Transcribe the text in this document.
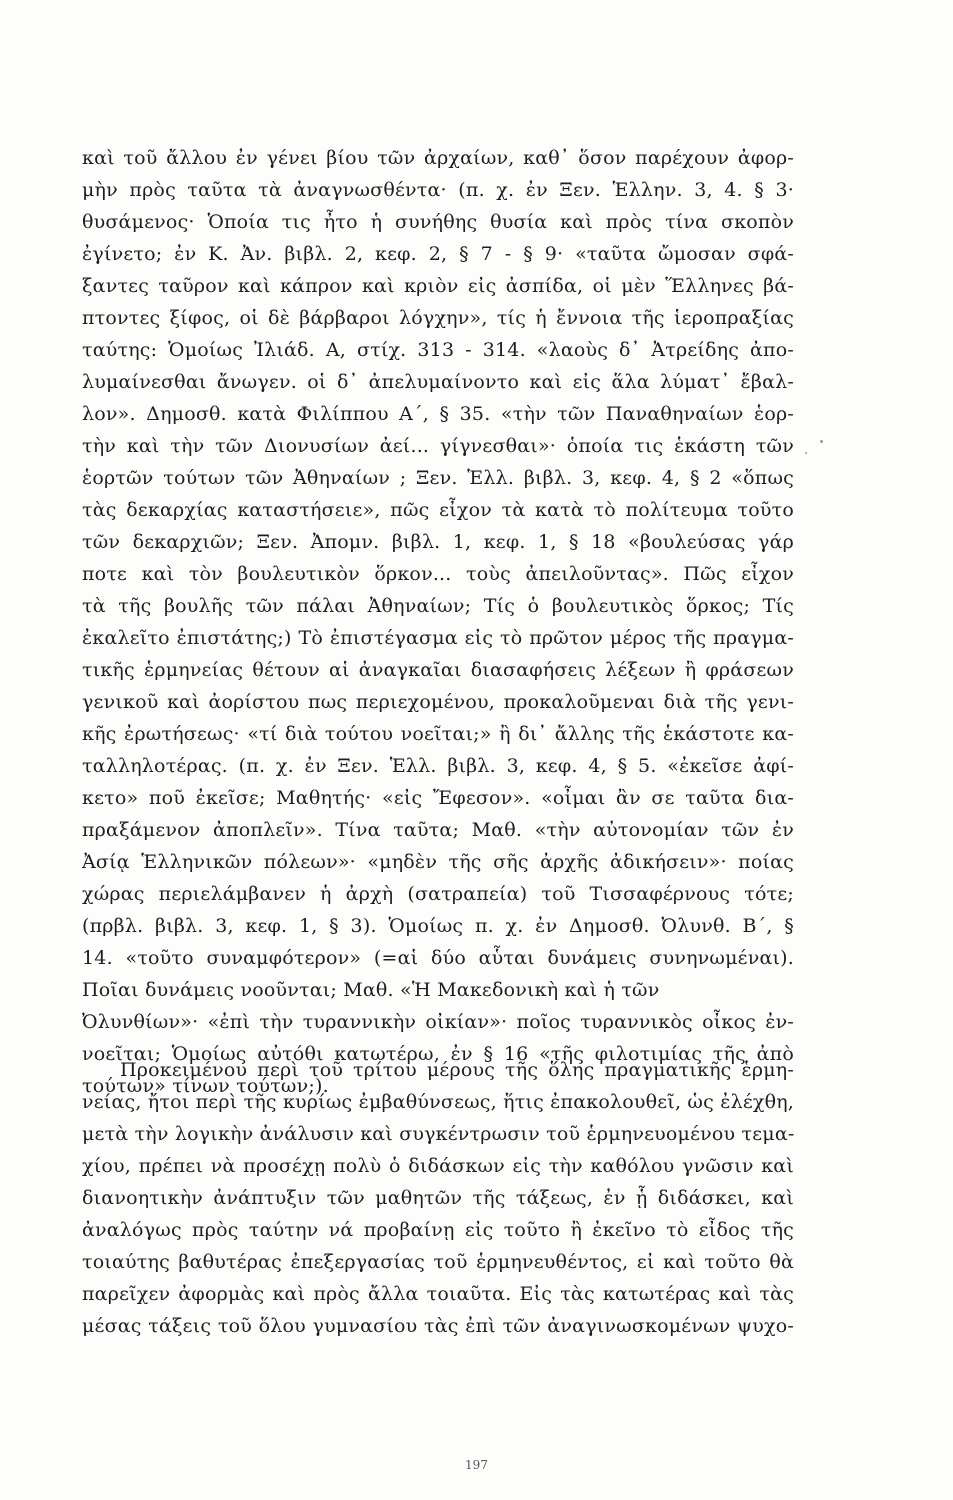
καὶ τοῦ ἄλλου ἐν γένει βίου τῶν ἀρχαίων, καθ᾽ ὅσον παρέχουν ἀφορ-
μὴν πρὸς ταῦτα τὰ ἀναγνωσθέντα· (π. χ. ἐν Ξεν. Ἑλλην. 3, 4. § 3·
θυσάμενος· Ὁποία τις ἦτο ἡ συνήθης θυσία καὶ πρὸς τίνα σκοπὸν
ἐγίνετο; ἐν Κ. Ἀν. βιβλ. 2, κεφ. 2, § 7 - § 9· «ταῦτα ὤμοσαν σφά-
ξαντες ταῦρον καὶ κάπρον καὶ κριὸν εἰς ἀσπίδα, οἱ μὲν Ἕλληνες βά-
πτοντες ξίφος, οἱ δὲ βάρβαροι λόγχην», τίς ἡ ἔννοια τῆς ἱεροπραξίας
ταύτης: Ὁμοίως Ἰλιάδ. Α, στίχ. 313 - 314. «λαοὺς δ᾽ Ἀτρείδης ἀπο-
λυμαίνεσθαι ἄνωγεν. οἱ δ᾽ ἀπελυμαίνοντο καὶ εἰς ἅλα λύματ᾽ ἔβαλ-
λον». Δημοσθ. κατὰ Φιλίππου Α΄, § 35. «τὴν τῶν Παναθηναίων ἑορ-
τὴν καὶ τὴν τῶν Διονυσίων ἀεί... γίγνεσθαι»· ὁποία τις ἑκάστη τῶν
ἑορτῶν τούτων τῶν Ἀθηναίων ; Ξεν. Ἑλλ. βιβλ. 3, κεφ. 4, § 2 «ὅπως
τὰς δεκαρχίας καταστήσειε», πῶς εἶχον τὰ κατὰ τὸ πολίτευμα τοῦτο
τῶν δεκαρχιῶν; Ξεν. Ἀπομν. βιβλ. 1, κεφ. 1, § 18 «βουλεύσας γάρ
ποτε καὶ τὸν βουλευτικὸν ὅρκον... τοὺς ἀπειλοῦντας». Πῶς εἶχον
τὰ τῆς βουλῆς τῶν πάλαι Ἀθηναίων; Τίς ὁ βουλευτικὸς ὅρκος; Τίς
ἐκαλεῖτο ἐπιστάτης;) Τὸ ἐπιστέγασμα εἰς τὸ πρῶτον μέρος τῆς πραγμα-
τικῆς ἑρμηνείας θέτουν αἱ ἀναγκαῖαι διασαφήσεις λέξεων ἢ φράσεων
γενικοῦ καὶ ἀορίστου πως περιεχομένου, προκαλοῦμεναι διὰ τῆς γενι-
κῆς ἐρωτήσεως· «τί διὰ τούτου νοεῖται;» ἢ δι᾽ ἄλλης τῆς ἑκάστοτε κα-
ταλληλοτέρας. (π. χ. ἐν Ξεν. Ἑλλ. βιβλ. 3, κεφ. 4, § 5. «ἐκεῖσε ἀφί-
κετο» ποῦ ἐκεῖσε; Μαθητής· «εἰς Ἔφεσον». «οἶμαι ἂν σε ταῦτα δια-
πραξάμενον ἀποπλεῖν». Τίνα ταῦτα; Μαθ. «τὴν αὐτονομίαν τῶν ἐν
Ἀσίᾳ Ἑλληνικῶν πόλεων»· «μηδὲν τῆς σῆς ἀρχῆς ἀδικήσειν»· ποίας
χώρας περιελάμβανεν ἡ ἀρχὴ (σατραπεία) τοῦ Τισσαφέρνους τότε;
(πρβλ. βιβλ. 3, κεφ. 1, § 3). Ὁμοίως π. χ. ἐν Δημοσθ. Ὀλυνθ. Β΄, §
14. «τοῦτο συναμφότερον» (=αἱ δύο αὗται δυνάμεις συνηνωμέναι).
Ποῖαι δυνάμεις νοοῦνται; Μαθ. «Ἡ Μακεδονικὴ καὶ ἡ τῶν
Ὀλυνθίων»· «ἐπὶ τὴν τυραννικὴν οἰκίαν»· ποῖος τυραννικὸς οἶκος ἐν-
νοεῖται; Ὁμοίως αὐτόθι κατωτέρω, ἐν § 16 «τῆς φιλοτιμίας τῆς ἀπὸ
τούτων» τίνων τούτων;).
Προκειμένου περὶ τοῦ τρίτου μέρους τῆς ὅλης πραγματικῆς ἑρμη-
νείας, ἤτοι περὶ τῆς κυρίως ἐμβαθύνσεως, ἥτις ἐπακολουθεῖ, ὡς ἐλέχθη,
μετὰ τὴν λογικὴν ἀνάλυσιν καὶ συγκέντρωσιν τοῦ ἑρμηνευομένου τεμα-
χίου, πρέπει νὰ προσέχῃ πολὺ ὁ διδάσκων εἰς τὴν καθόλου γνῶσιν καὶ
διανοητικὴν ἀνάπτυξιν τῶν μαθητῶν τῆς τάξεως, ἐν ᾗ διδάσκει, καὶ
ἀναλόγως πρὸς ταύτην νά προβαίνῃ εἰς τοῦτο ἢ ἐκεῖνο τὸ εἶδος τῆς
τοιαύτης βαθυτέρας ἐπεξεργασίας τοῦ ἑρμηνευθέντος, εἰ καὶ τοῦτο θὰ
παρεῖχεν ἀφορμὰς καὶ πρὸς ἄλλα τοιαῦτα. Εἰς τὰς κατωτέρας καὶ τὰς
μέσας τάξεις τοῦ ὅλου γυμνασίου τὰς ἐπὶ τῶν ἀναγινωσκομένων ψυχο-
197
